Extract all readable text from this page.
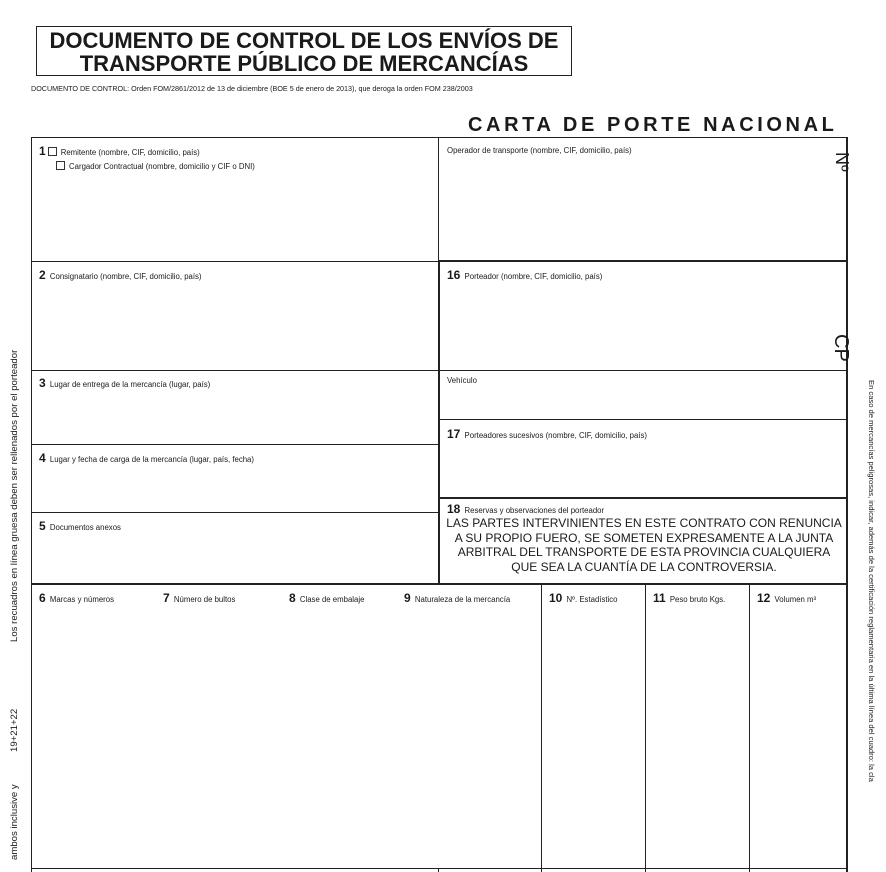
DOCUMENTO DE CONTROL DE LOS ENVÍOS DE
TRANSPORTE PÚBLICO DE MERCANCÍAS
DOCUMENTO DE CONTROL: Orden FOM/2861/2012 de 13 de diciembre (BOE 5 de enero de 2013), que deroga la orden FOM 238/2003
CARTA DE PORTE NACIONAL
1 Remitente (nombre, CIF, domicilio, país)
Cargador Contractual (nombre, domicilio y CIF o DNI)
Operador de transporte (nombre, CIF, domicilio, país)
2 Consignatario (nombre, CIF, domicilio, país)	16 Porteador (nombre, CIF, domicilio, país)
3 Lugar de entrega de la mercancía (lugar, país)	Vehículo
17 Porteadores sucesivos (nombre, CIF, domicilio, país)
4 Lugar y fecha de carga de la mercancía (lugar, país, fecha)
18 Reservas y observaciones del porteador
LAS PARTES INTERVINIENTES EN ESTE CONTRATO CON RENUNCIA
A SU PROPIO FUERO, SE SOMETEN EXPRESAMENTE A LA JUNTA
ARBITRAL DEL TRANSPORTE DE ESTA PROVINCIA CUALQUIERA
QUE SEA LA CUANTÍA DE LA CONTROVERSIA.
5 Documentos anexos
6 Marcas y números	7 Número de bultos	8 Clase de embalaje	9 Naturaleza de la mercancía	10 Nº. Estadístico	11 Peso bruto Kgs.	12 Volumen m³
Nº
CP
Los recuadros en línea gruesa deben ser rellenados por el porteador
19+21+22
ambos inclusive y
En caso de mercancías peligrosas, indicar, además de la certificación reglamentaria en la última línea del cuadro: la cla
